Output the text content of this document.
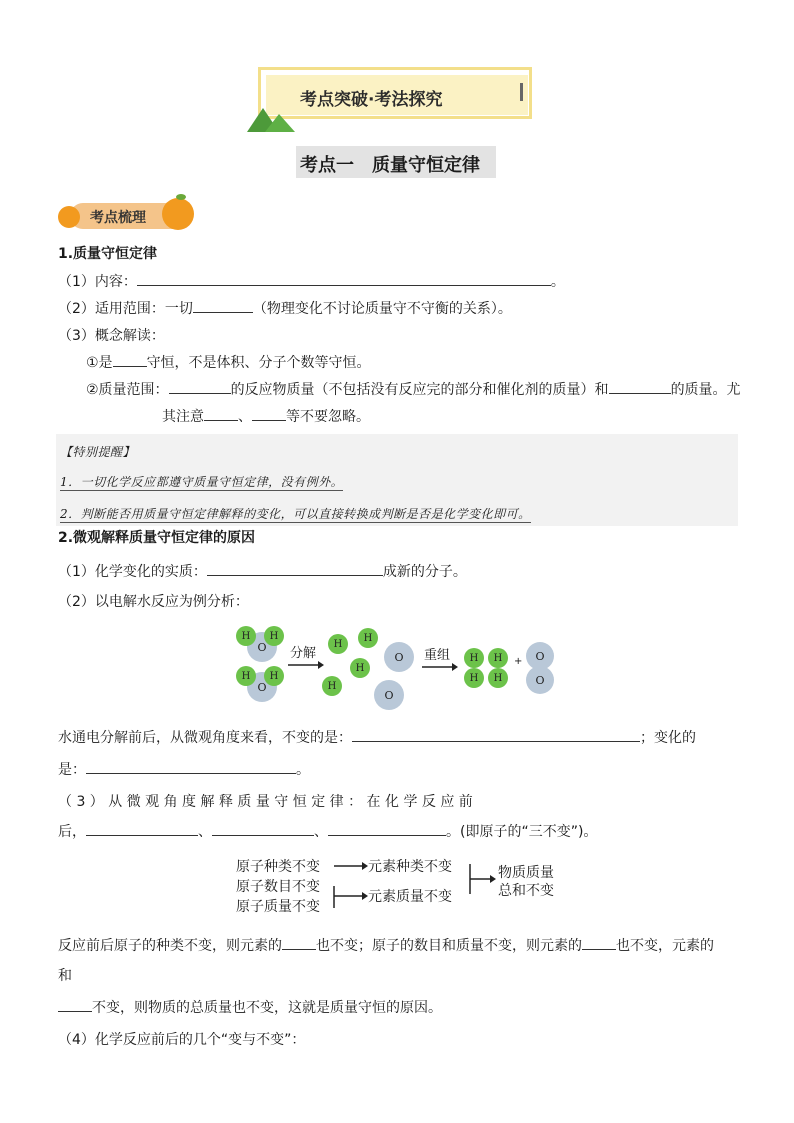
考点突破·考法探究
考点一　质量守恒定律
考点梳理
1.质量守恒定律
（1）内容：	。
（2）适用范围：一切	（物理变化不讨论质量守不守衡的关系）。
（3）概念解读：
①是 守恒，不是体积、分子个数等守恒。
②质量范围：	的反应物质量（不包括没有反应完的部分和催化剂的质量）和	的质量。尤
其注意 、 等不要忽略。
【特别提醒】
1．一切化学反应都遵守质量守恒定律，没有例外。
2．判断能否用质量守恒定律解释的变化，可以直接转换成判断是否是化学变化即可。
2.微观解释质量守恒定律的原因
（1）化学变化的实质：	成新的分子。
（2）以电解水反应为例分析：
O
H	H
O
H	H
分解
H
H
H
H
O
O
重组	H	H
H	H
+	O
O
水通电分解前后，从微观角度来看，不变的是：	；变化的
是：	。
（ 3 ） 从 微 观 角 度 解 释 质 量 守 恒 定 律 ： 在 化 学 反 应 前
后，	、	、	。(即原子的“三不变”)。
原子种类不变
原子数目不变
原子质量不变
元素种类不变
元素质量不变
物质质量
总和不变
反应前后原子的种类不变，则元素的 也不变；原子的数目和质量不变，则元素的 也不变，元素的
和
不变，则物质的总质量也不变，这就是质量守恒的原因。
（4）化学反应前后的几个“变与不变”：
